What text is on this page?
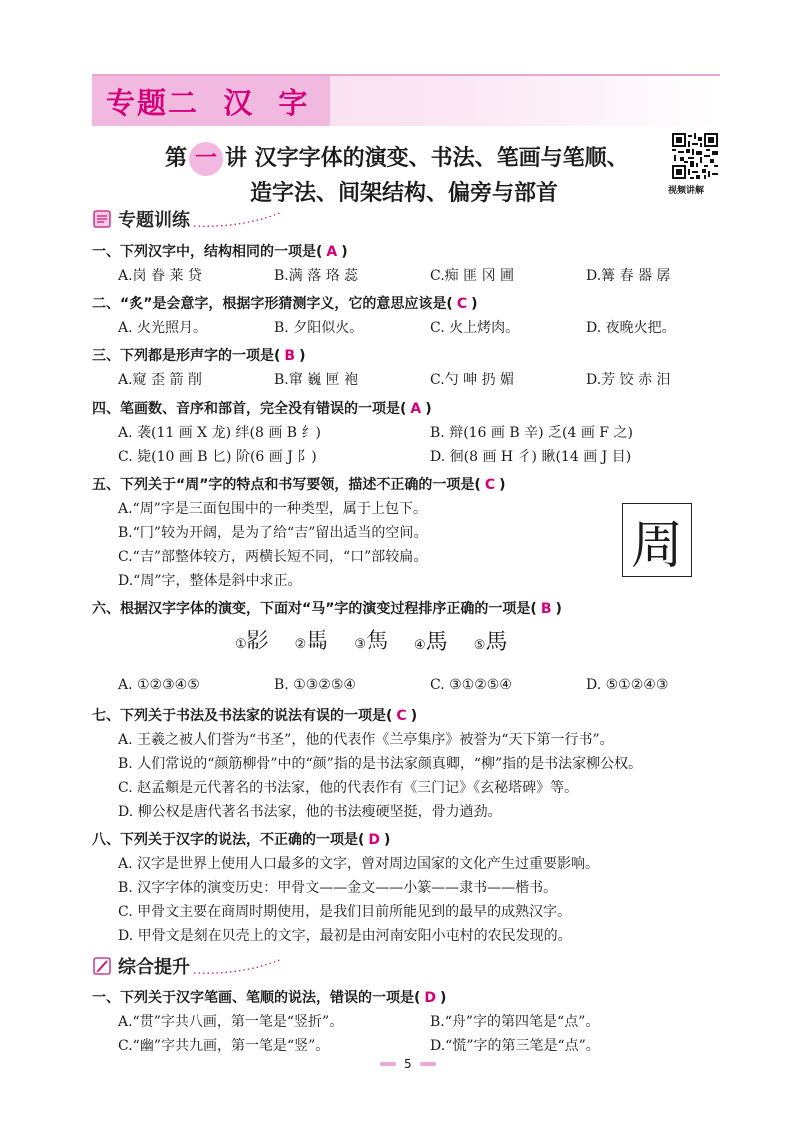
专题二  汉  字
第 一 讲 汉字字体的演变、书法、笔画与笔顺、
造字法、间架结构、偏旁与部首	视频讲解
专题训练
一、下列汉字中，结构相同的一项是( A )
A.岗 眷 莱 贷	B.满 落 珞 蕊	C.痴 匪 冈 圃	D.篝 春 器 孱
二、“炙”是会意字，根据字形猜测字义，它的意思应该是( C )
A. 火光照月。	B. 夕阳似火。	C. 火上烤肉。	D. 夜晚火把。
三、下列都是形声字的一项是( B )
A.窥 歪 箭 削	B.窜 巍 匣 袍	C.勺 呻 扔 媚	D.芳 饺 赤 汨
四、笔画数、音序和部首，完全没有错误的一项是( A )
A. 袭(11 画 X 龙) 绊(8 画 B 纟)	B. 辩(16 画 B 辛) 乏(4 画 F 之)
C. 毙(10 画 B 匕) 阶(6 画 J 阝)	D. 徊(8 画 H 彳) 瞅(14 画 J 目)
五、下列关于“周”字的特点和书写要领，描述不正确的一项是( C )
A.“周”字是三面包围中的一种类型，属于上包下。
B.“冂”较为开阔，是为了给“吉”留出适当的空间。
C.“吉”部整体较方，两横长短不同，“口”部较扁。
D.“周”字，整体是斜中求正。
周
六、根据汉字字体的演变，下面对“马”字的演变过程排序正确的一项是( B )
①𢒠 ②𩡧 ③𩡨 ④馬 ⑤馬
A. ①②③④⑤	B. ①③②⑤④	C. ③①②⑤④	D. ⑤①②④③
七、下列关于书法及书法家的说法有误的一项是( C )
A. 王羲之被人们誉为“书圣”，他的代表作《兰亭集序》被誉为“天下第一行书”。
B. 人们常说的“颜筋柳骨”中的“颜”指的是书法家颜真卿，“柳”指的是书法家柳公权。
C. 赵孟頫是元代著名的书法家，他的代表作有《三门记》《玄秘塔碑》等。
D. 柳公权是唐代著名书法家，他的书法瘦硬坚挺，骨力遒劲。
八、下列关于汉字的说法，不正确的一项是( D )
A. 汉字是世界上使用人口最多的文字，曾对周边国家的文化产生过重要影响。
B. 汉字字体的演变历史：甲骨文——金文——小篆——隶书——楷书。
C. 甲骨文主要在商周时期使用，是我们目前所能见到的最早的成熟汉字。
D. 甲骨文是刻在贝壳上的文字，最初是由河南安阳小屯村的农民发现的。
综合提升
一、下列关于汉字笔画、笔顺的说法，错误的一项是( D )
A.“贯”字共八画，第一笔是“竖折”。	B.“舟”字的第四笔是“点”。
C.“幽”字共九画，第一笔是“竖”。	D.“慌”字的第三笔是“点”。
5
